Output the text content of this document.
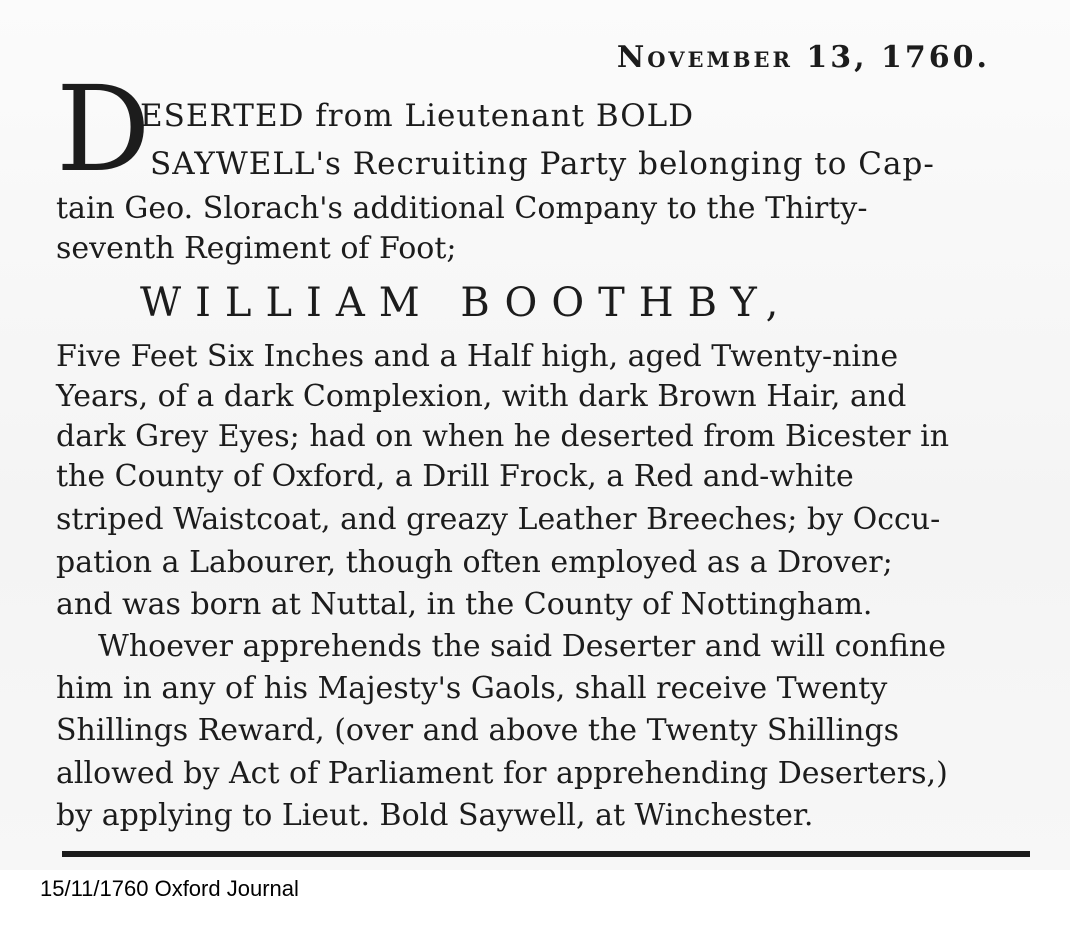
November 13, 1760.
D
ESERTED from Lieutenant BOLD
SAYWELL's Recruiting Party belonging to Cap-
tain Geo. Slorach's additional Company to the Thirty-
seventh Regiment of Foot;
WILLIAM BOOTHBY,
Five Feet Six Inches and a Half high, aged Twenty-nine
Years, of a dark Complexion, with dark Brown Hair, and
dark Grey Eyes; had on when he deserted from Bicester in
the County of Oxford, a Drill Frock, a Red and-white
striped Waistcoat, and greazy Leather Breeches; by Occu-
pation a Labourer, though often employed as a Drover;
and was born at Nuttal, in the County of Nottingham.
Whoever apprehends the said Deserter and will confine
him in any of his Majesty's Gaols, shall receive Twenty
Shillings Reward, (over and above the Twenty Shillings
allowed by Act of Parliament for apprehending Deserters,)
by applying to Lieut. Bold Saywell, at Winchester.
15/11/1760 Oxford Journal
